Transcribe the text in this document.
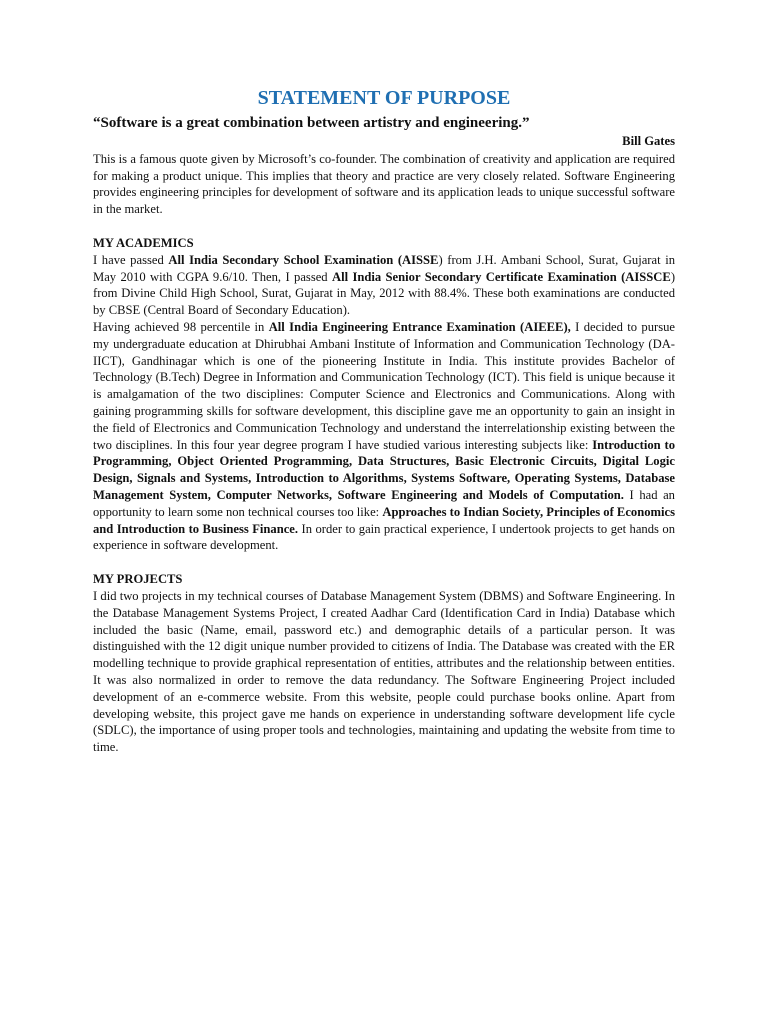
STATEMENT OF PURPOSE
“Software is a great combination between artistry and engineering.”
Bill Gates

This is a famous quote given by Microsoft’s co-founder. The combination of creativity and application are required for making a product unique. This implies that theory and practice are very closely related. Software Engineering provides engineering principles for development of software and its application leads to unique successful software in the market.

MY ACADEMICS

I have passed All India Secondary School Examination (AISSE) from J.H. Ambani School, Surat, Gujarat in May 2010 with CGPA 9.6/10. Then, I passed All India Senior Secondary Certificate Examination (AISSCE) from Divine Child High School, Surat, Gujarat in May, 2012 with 88.4%. These both examinations are conducted by CBSE (Central Board of Secondary Education).

Having achieved 98 percentile in All India Engineering Entrance Examination (AIEEE), I decided to pursue my undergraduate education at Dhirubhai Ambani Institute of Information and Communication Technology (DA-IICT), Gandhinagar which is one of the pioneering Institute in India. This institute provides Bachelor of Technology (B.Tech) Degree in Information and Communication Technology (ICT). This field is unique because it is amalgamation of the two disciplines: Computer Science and Electronics and Communications. Along with gaining programming skills for software development, this discipline gave me an opportunity to gain an insight in the field of Electronics and Communication Technology and understand the interrelationship existing between the two disciplines. In this four year degree program I have studied various interesting subjects like: Introduction to Programming, Object Oriented Programming, Data Structures, Basic Electronic Circuits, Digital Logic Design, Signals and Systems, Introduction to Algorithms, Systems Software, Operating Systems, Database Management System, Computer Networks, Software Engineering and Models of Computation. I had an opportunity to learn some non technical courses too like: Approaches to Indian Society, Principles of Economics and Introduction to Business Finance. In order to gain practical experience, I undertook projects to get hands on experience in software development.

MY PROJECTS

I did two projects in my technical courses of Database Management System (DBMS) and Software Engineering. In the Database Management Systems Project, I created Aadhar Card (Identification Card in India) Database which included the basic (Name, email, password etc.) and demographic details of a particular person. It was distinguished with the 12 digit unique number provided to citizens of India. The Database was created with the ER modelling technique to provide graphical representation of entities, attributes and the relationship between entities. It was also normalized in order to remove the data redundancy. The Software Engineering Project included development of an e-commerce website. From this website, people could purchase books online. Apart from developing website, this project gave me hands on experience in understanding software development life cycle (SDLC), the importance of using proper tools and technologies, maintaining and updating the website from time to time.
